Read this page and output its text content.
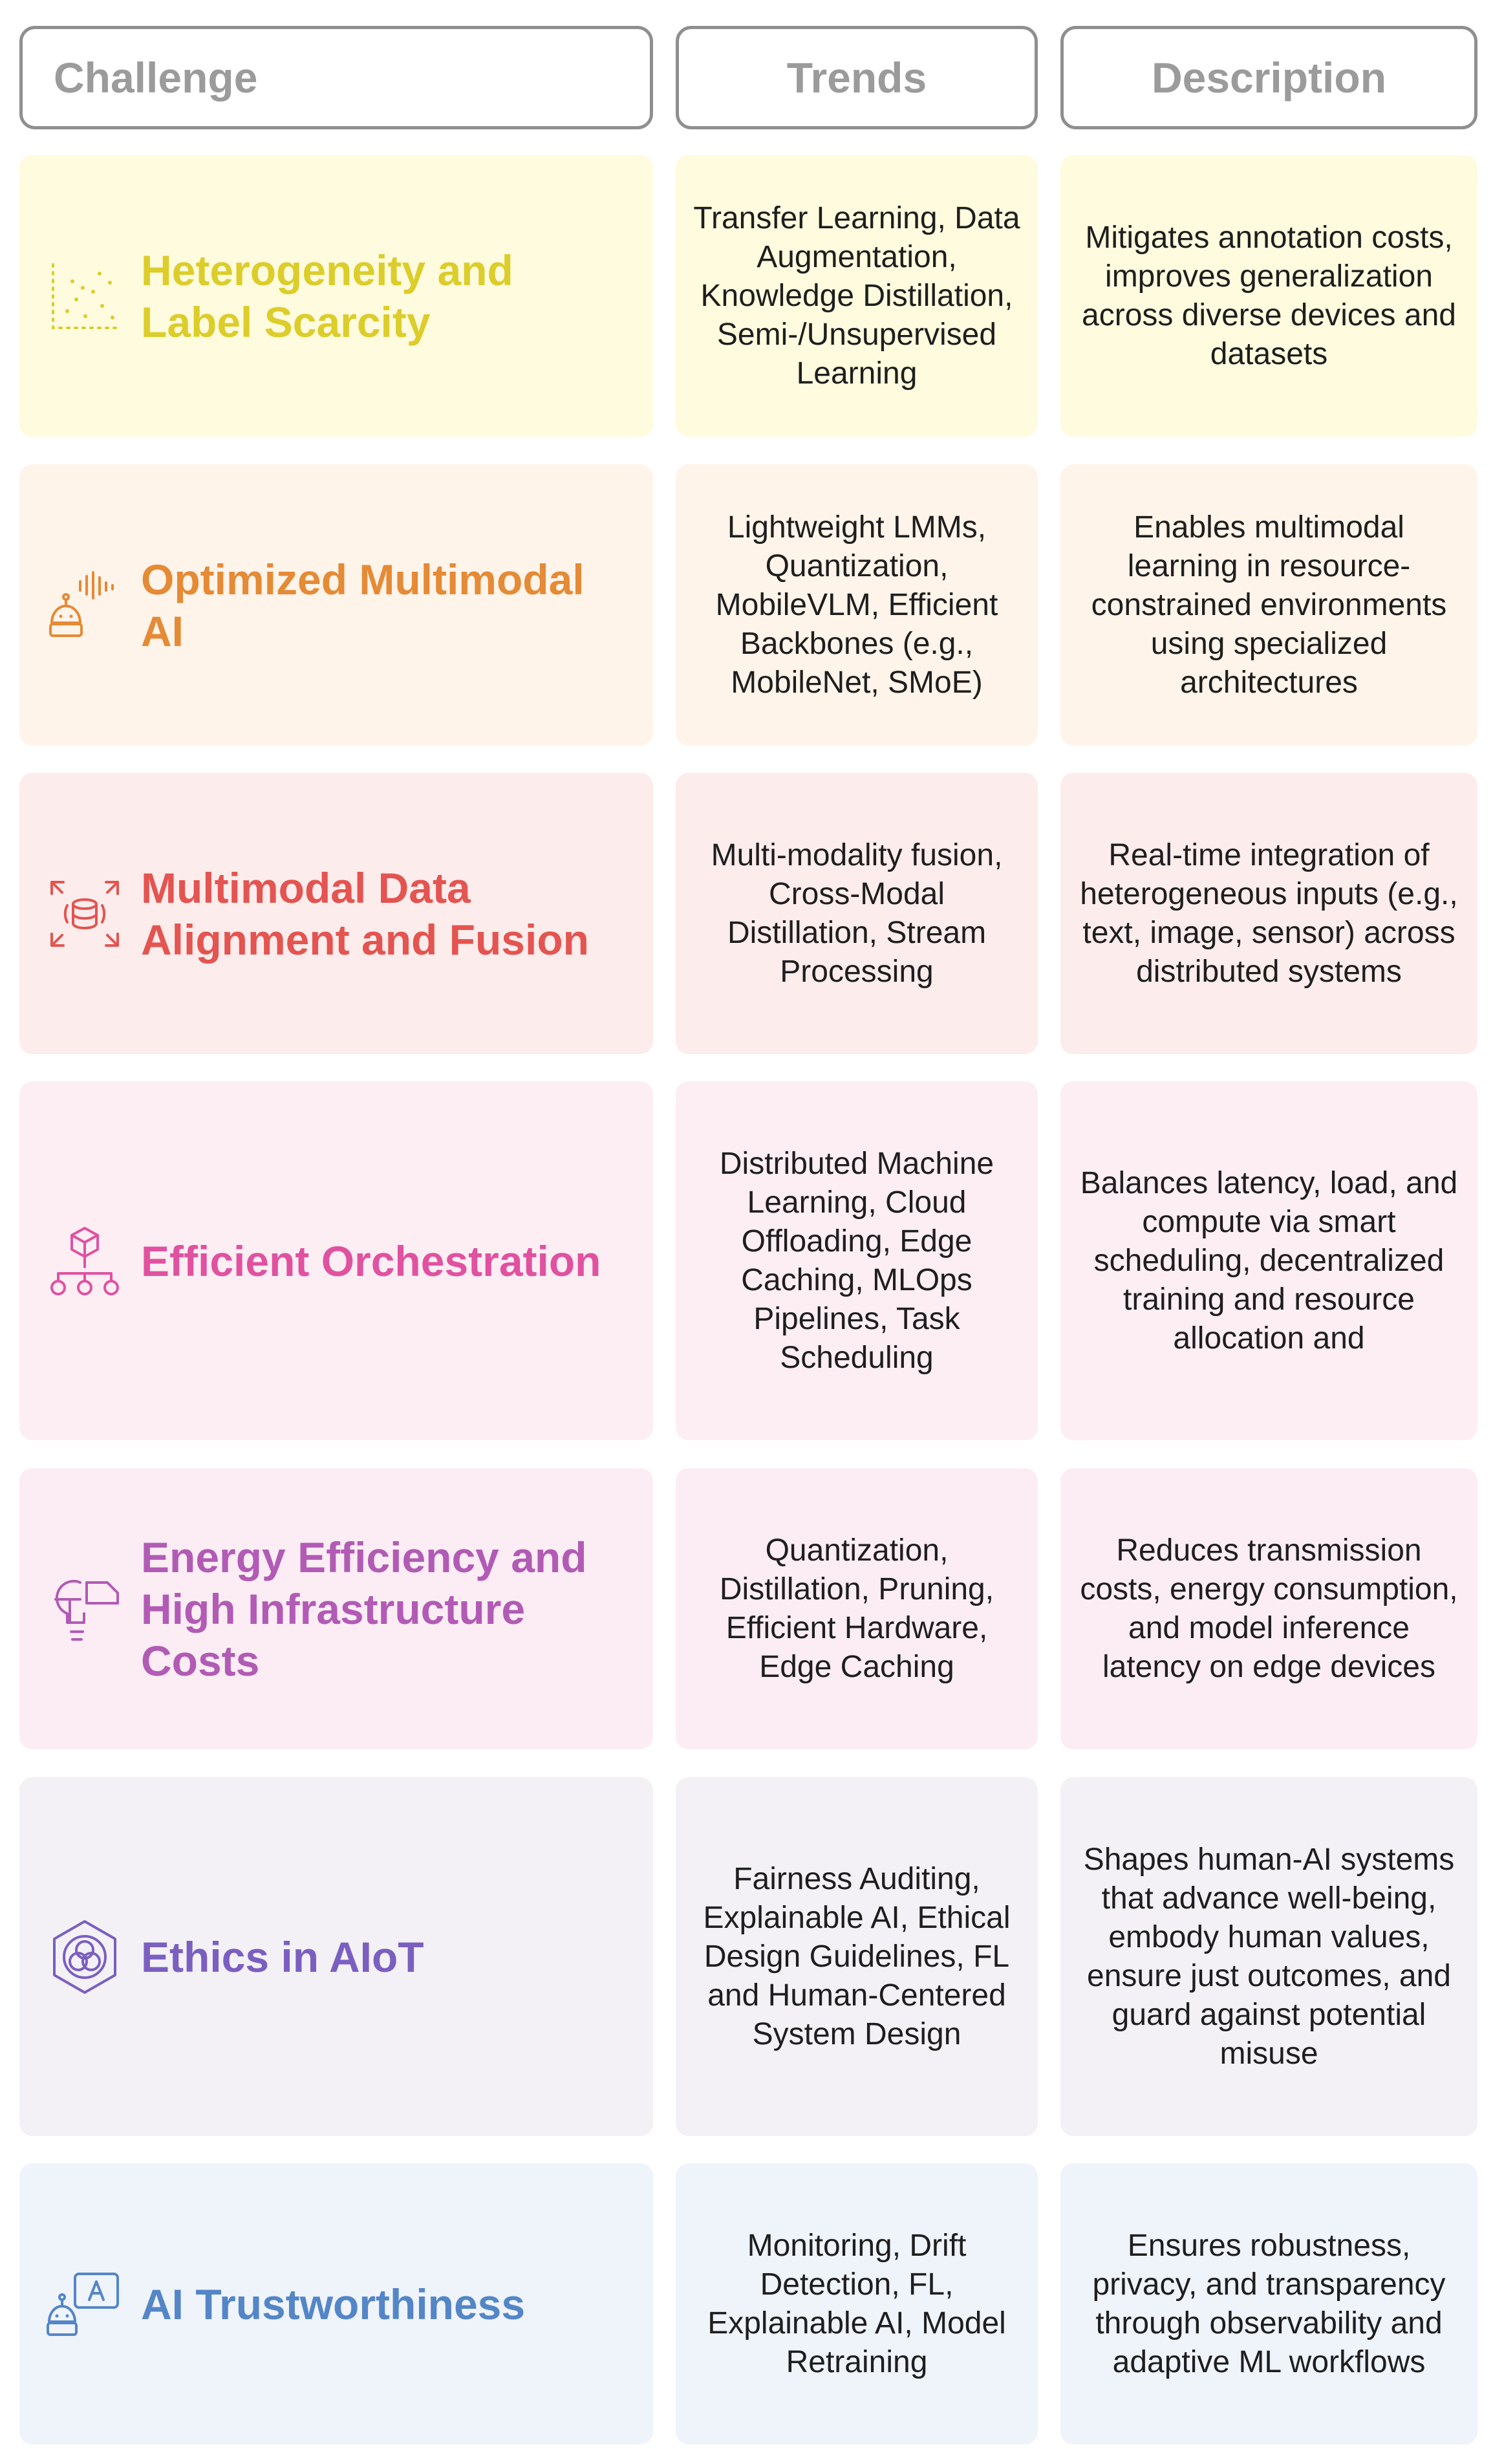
Challenge	Trends	Description
Heterogeneity and Label Scarcity
Transfer Learning, Data Augmentation, Knowledge Distillation, Semi-/Unsupervised Learning
Mitigates annotation costs, improves generalization across diverse devices and datasets
Optimized Multimodal AI
Lightweight LMMs, Quantization, MobileVLM, Efficient Backbones (e.g., MobileNet, SMoE)
Enables multimodal learning in resource-constrained environments using specialized architectures
Multimodal Data Alignment and Fusion
Multi-modality fusion, Cross-Modal Distillation, Stream Processing
Real-time integration of heterogeneous inputs (e.g., text, image, sensor) across distributed systems
Efficient Orchestration
Distributed Machine Learning, Cloud Offloading, Edge Caching, MLOps Pipelines, Task Scheduling
Balances latency, load, and compute via smart scheduling, decentralized training and resource allocation and
Energy Efficiency and High Infrastructure Costs
Quantization, Distillation, Pruning, Efficient Hardware, Edge Caching
Reduces transmission costs, energy consumption, and model inference latency on edge devices
Ethics in AIoT
Fairness Auditing, Explainable AI, Ethical Design Guidelines, FL and Human-Centered System Design
Shapes human-AI systems that advance well-being, embody human values, ensure just outcomes, and guard against potential misuse
AI Trustworthiness
Monitoring, Drift Detection, FL, Explainable AI, Model Retraining
Ensures robustness, privacy, and transparency through observability and adaptive ML workflows
